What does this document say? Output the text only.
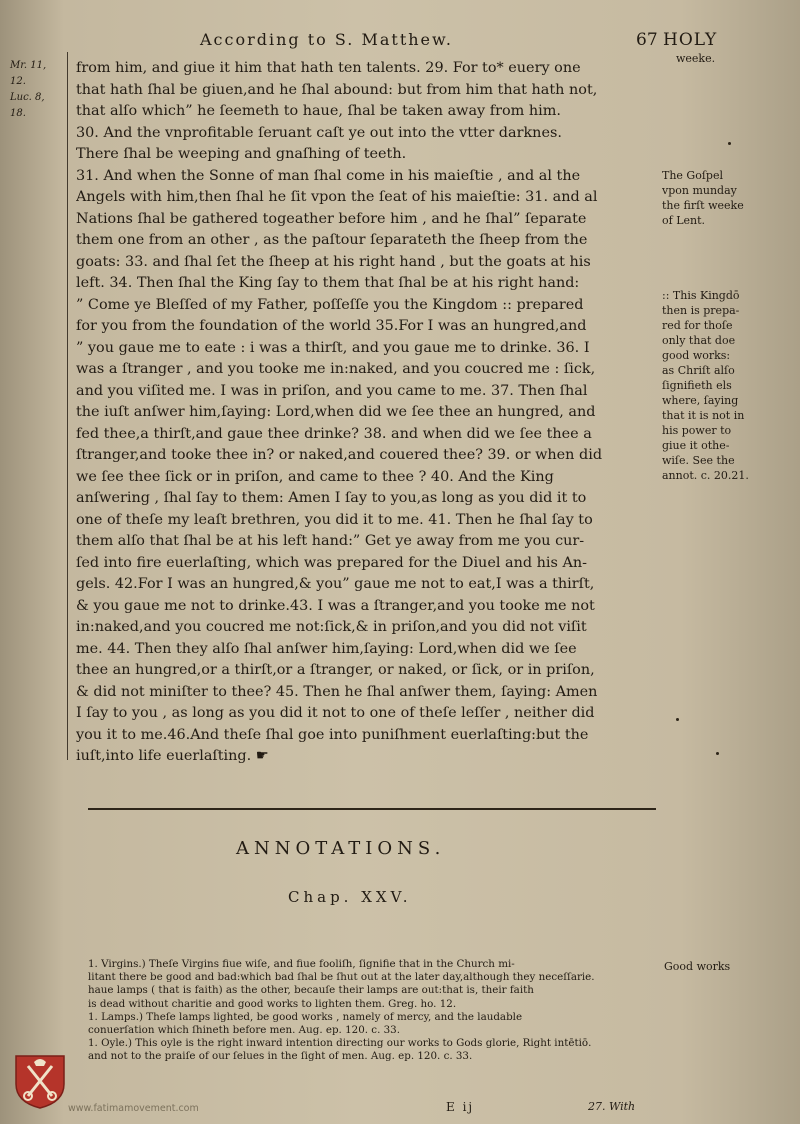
According to S. Matthew.	67 HOLY
weeke.
Mr. 11,
12.
Luc. 8,
18.
from him, and giue it him that hath ten talents. 29. For to* euery one
that hath ſhal be giuen,and he ſhal abound: but from him that hath not,
that alſo which” he ſeemeth to haue, ſhal be taken away from him.
30. And the vnprofitable ſeruant caſt ye out into the vtter darknes.
There ſhal be weeping and gnaſhing of teeth.
31. And when the Sonne of man ſhal come in his maieſtie , and al the
Angels with him,then ſhal he ſit vpon the ſeat of his maieſtie: 31. and al
Nations ſhal be gathered togeather before him , and he ſhal” ſeparate
them one from an other , as the paſtour ſeparateth the ſheep from the
goats: 33. and ſhal ſet the ſheep at his right hand , but the goats at his
left. 34. Then ſhal the King ſay to them that ſhal be at his right hand:
” Come ye Bleſſed of my Father, poſſeſſe you the Kingdom :: prepared
for you from the foundation of the world 35.For I was an hungred,and
” you gaue me to eate : i was a thirſt, and you gaue me to drinke. 36. I
was a ſtranger , and you tooke me in:naked, and you coucred me : ſick,
and you viſited me. I was in priſon, and you came to me. 37. Then ſhal
the iuſt anſwer him,ſaying: Lord,when did we ſee thee an hungred, and
fed thee,a thirſt,and gaue thee drinke? 38. and when did we ſee thee a
ſtranger,and tooke thee in? or naked,and couered thee? 39. or when did
we ſee thee ſick or in priſon, and came to thee ? 40. And the King
anſwering , ſhal ſay to them: Amen I ſay to you,as long as you did it to
one of theſe my leaſt brethren, you did it to me. 41. Then he ſhal ſay to
them alſo that ſhal be at his left hand:” Get ye away from me you cur-
ſed into fire euerlaſting, which was prepared for the Diuel and his An-
gels. 42.For I was an hungred,& you” gaue me not to eat,I was a thirſt,
& you gaue me not to drinke.43. I was a ſtranger,and you tooke me not
in:naked,and you coucred me not:ſick,& in priſon,and you did not viſit
me. 44. Then they alſo ſhal anſwer him,ſaying: Lord,when did we ſee
thee an hungred,or a thirſt,or a ſtranger, or naked, or ſick, or in priſon,
& did not miniſter to thee? 45. Then he ſhal anſwer them, ſaying: Amen
I ſay to you , as long as you did it not to one of theſe leſſer , neither did
you it to me.46.And theſe ſhal goe into puniſhment euerlaſting:but the
iuſt,into life euerlaſting. ☛
The Goſpel
vpon munday
the firſt weeke
of Lent.
:: This Kingdō
then is prepa-
red for thoſe
only that doe
good works:
as Chriſt alſo
ſignifieth els
where, ſaying
that it is not in
his power to
giue it othe-
wiſe. See the
annot. c. 20.21.
ANNOTATIONS.
Chap. XXV.
1. Virgins.) Theſe Virgins fiue wiſe, and fiue fooliſh, ſignifie that in the Church mi-
litant there be good and bad:which bad ſhal be ſhut out at the later day,although they neceſſarie.
haue lamps ( that is faith) as the other, becauſe their lamps are out:that is, their faith
is dead without charitie and good works to lighten them. Greg. ho. 12.
1. Lamps.) Theſe lamps lighted, be good works , namely of mercy, and the laudable
conuerſation which ſhineth before men. Aug. ep. 120. c. 33.
1. Oyle.) This oyle is the right inward intention directing our works to Gods glorie, Right intētiō.
and not to the praiſe of our ſelues in the ſight of men. Aug. ep. 120. c. 33.
Good works
E ij	27. With
www.fatimamovement.com
